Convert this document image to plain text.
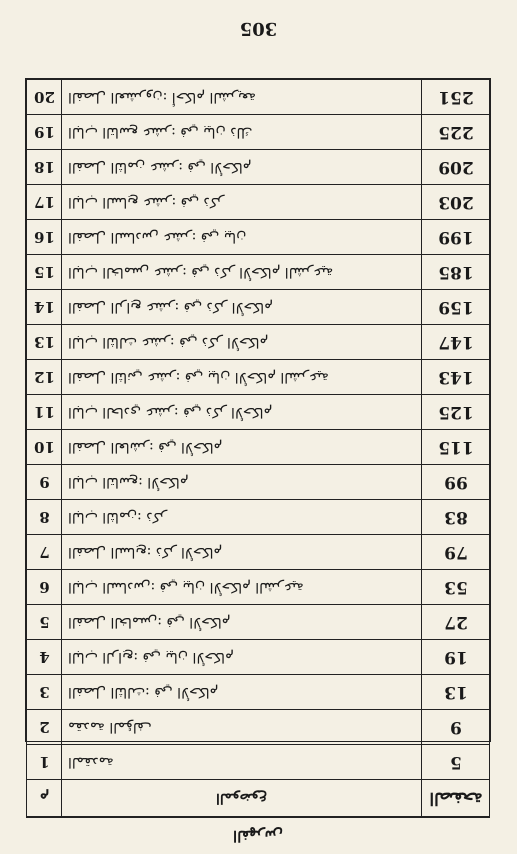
305
20	الفصل العشرون: أحكام الشريعة	251
19	الباب التاسع عشر: في بيان ذلك	225
18	الفصل الثامن عشر: في الأحكام	209
17	الباب السابع عشر: في ذكر	203
16	الفصل السادس عشر: في بيان	199
15	الباب الخامس عشر: في ذكر الأحكام الشرعية	185
14	الفصل الرابع عشر: في ذكر الأحكام	159
13	الباب الثالث عشر: في ذكر الأحكام	147
12	الفصل الثاني عشر: في بيان الأحكام الشرعية	143
11	الباب الحادي عشر: في ذكر الأحكام	125
10	الفصل العاشر: في الأحكام	115
9	الباب التاسع: الأحكام	99
8	الباب الثامن: ذكر	83
7	الفصل السابع: ذكر الأحكام	79
6	الباب السادس: في بيان الأحكام الشرعية	53
5	الفصل الخامس: في الأحكام	27
4	الباب الرابع: في بيان الأحكام	19
3	الفصل الثالث: في الأحكام	13
2	مقدمة المؤلف	9
1	المقدمة	5
م	الموضوع	الصفحة
الفهرس
